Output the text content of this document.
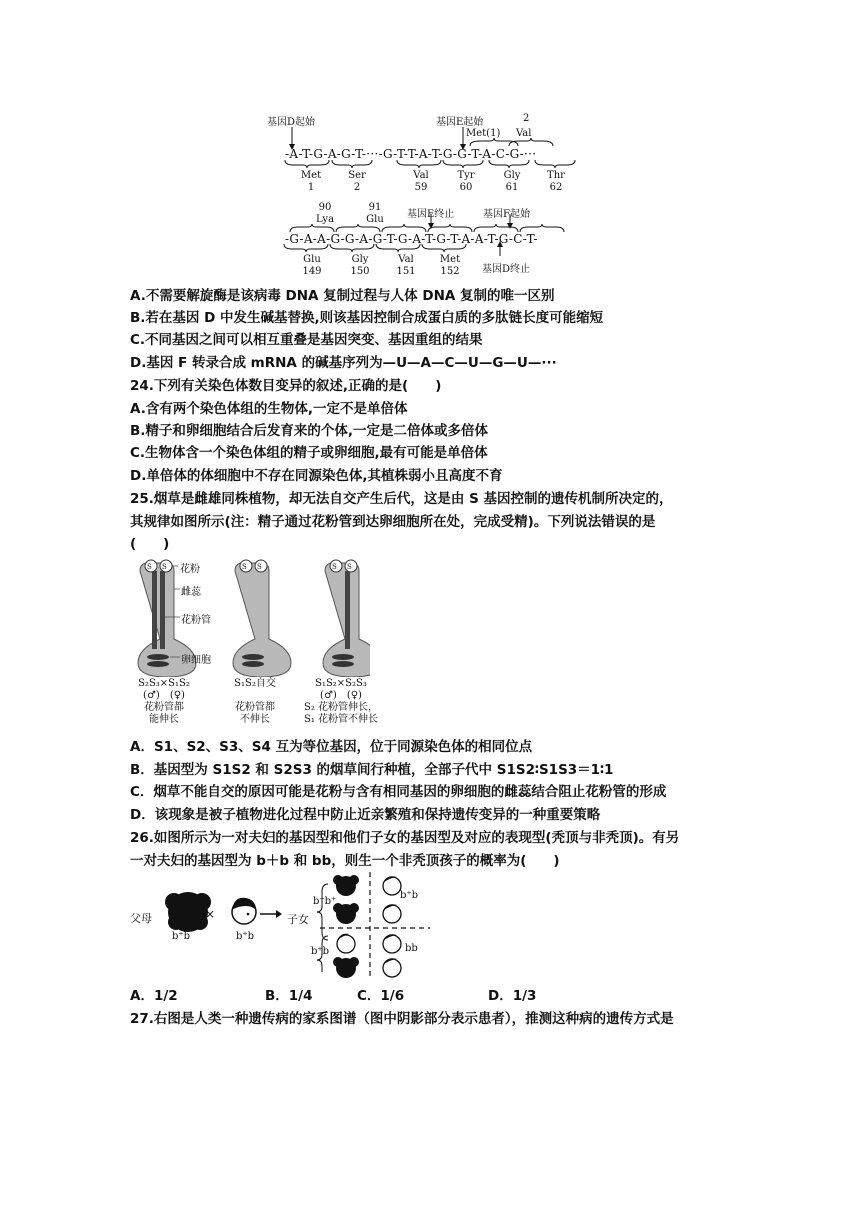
基因D起始	基因E起始	2
Met(1) Val
-A-T-G-A-G-T-···-G-T-T-A-T-G-G-T-A-C-G-···
Met
1
Ser
2
Val
59
Tyr
60
Gly
61
Thr
62
90
Lya
91
Glu	基因E终止	基因F起始
-G-A-A-G-G-A-G-T-G-A-T-G-T-A-A-T-G-C-T-
Glu
149
Gly
150
Val
151
Met
152	基因D终止
A.不需要解旋酶是该病毒 DNA 复制过程与人体 DNA 复制的唯一区别
B.若在基因 D 中发生碱基替换,则该基因控制合成蛋白质的多肽链长度可能缩短
C.不同基因之间可以相互重叠是基因突变、基因重组的结果
D.基因 F 转录合成 mRNA 的碱基序列为—U—A—C—U—G—U—···
24.下列有关染色体数目变异的叙述,正确的是(　　)
A.含有两个染色体组的生物体,一定不是单倍体
B.精子和卵细胞结合后发育来的个体,一定是二倍体或多倍体
C.生物体含一个染色体组的精子或卵细胞,最有可能是单倍体
D.单倍体的体细胞中不存在同源染色体,其植株弱小且高度不育
25.烟草是雌雄同株植物，却无法自交产生后代，这是由 S 基因控制的遗传机制所决定的，
其规律如图所示(注：精子通过花粉管到达卵细胞所在处，完成受精)。下列说法错误的是
(　　)
S S	S S	S S
花粉
雌蕊
花粉管
卵细胞
S₂S₃×S₁S₂
(♂)　(♀)
花粉管都
能伸长
S₁S₂自交

花粉管都
不伸长
S₁S₂×S₂S₃
(♂)　(♀)
S₂ 花粉管伸长，
S₁ 花粉管不伸长
A．S1、S2、S3、S4 互为等位基因，位于同源染色体的相同位点
B．基因型为 S1S2 和 S2S3 的烟草间行种植，全部子代中 S1S2∶S1S3＝1∶1
C．烟草不能自交的原因可能是花粉与含有相同基因的卵细胞的雌蕊结合阻止花粉管的形成
D．该现象是被子植物进化过程中防止近亲繁殖和保持遗传变异的一种重要策略
26.如图所示为一对夫妇的基因型和他们子女的基因型及对应的表现型(秃顶与非秃顶)。有另
一对夫妇的基因型为 b＋b 和 bb，则生一个非秃顶孩子的概率为(　　)
父母	×	子女
b⁺b	b⁺b
b⁺b⁺
b⁺b
b⁺b	bb
A．1/2	B．1/4	C．1/6	D．1/3
27.右图是人类一种遗传病的家系图谱（图中阴影部分表示患者），推测这种病的遗传方式是
